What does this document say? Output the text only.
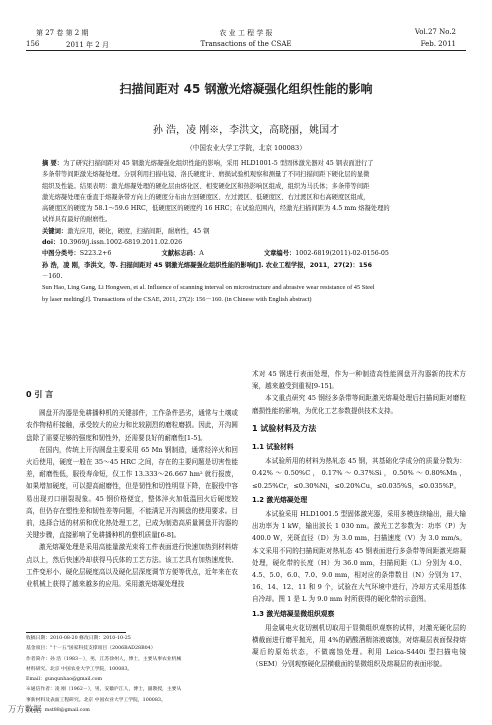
第 27 卷 第 2 期	农 业 工 程 学 报	Vol.27 No.2
156	2011 年 2 月	Transactions of the CSAE	Feb. 2011
扫描间距对 45 钢激光熔凝强化组织性能的影响
孙 浩，凌 刚※，李洪文，高晓丽，姚国才
（中国农业大学工学院，北京 100083）
摘 要：为了研究扫描间距对 45 钢激光熔凝强化组织性能的影响，采用 HLD1001-5 型固体激光器对 45 钢表面进行了
多条带等间距激光熔凝处理。分别利用扫描电镜、洛氏硬度计、磨损试验机观察和测量了不同扫描间距下硬化层的显微
组织及性能。结果表明：激光熔凝处理的硬化层由熔化区、相变硬化区和热影响区组成，组织为马氏体；多条带等间距
激光熔凝处理在垂直于熔凝条带方向上的硬度分布由左回硬度区、左过渡区、低硬度区、右过渡区和右高硬度区组成，
高硬度区的硬度为 58.1～59.6 HRC，低硬度区的硬度约 16 HRC；在试验范围内，经激光扫描间距为 4.5 mm 熔凝处理的
试样具有最好的耐磨性。
关键词：激光应用，硬化，硬度，扫描间距，耐磨性，45 钢
doi：10.3969/j.issn.1002-6819.2011.02.026
中图分类号：S223.2+6	文献标志码：A	文章编号：1002-6819(2011)-02-0156-05
孙 浩，凌 刚，李洪文，等. 扫描间距对 45 钢激光熔凝强化组织性能的影响[J]. 农业工程学报，2011，27(2)：156
－160.
Sun Hao, Ling Gang, Li Hongwen, et al. Influence of scanning interval on microstructure and abrasive wear resistance of 45 Steel
by laser melting[J]. Transactions of the CSAE, 2011, 27(2): 156－160. (in Chinese with English abstract)
0 引 言

圆盘开沟器是免耕播种机的关键部件，工作条件恶劣，通常与土壤或农作物秸秆接触，承受较大的应力和比较剧烈的磨粒磨损。因此，开沟圆盘除了需要足够的强度和韧性外，还需要良好的耐磨性[1-5]。

在国内，传统上开沟圆盘主要采用 65 Mn 钢制造，通常经淬火和回火后使用，硬度一般在 35～45 HRC 之间，存在的主要问题是切害性能差，耐磨性低，服役寿命短，仅工作 13.333～26.667 hm² 就行报废，如果增加硬度，可以提高耐磨性，但是韧性和切性明显下降，在服役中容易出现刃口崩裂现象。45 钢价格便宜，整体淬火加低温回火后硬度较高，但仍存在塑性差和韧性差等问题，不能满足开沟圆盘的使用要求。目前，选择合适的材质和优化热处理工艺，已成为制造高质量圆盘开沟器的关键步骤，直接影响了免耕播种机的整机质量[6-8]。

激光熔凝处理是采用高能量激光束将工件表面进行快速加热到材料熔点以上，然后快速冷却获得马氏体的工艺方法。该工艺具有加热速度快、工件变形小、硬化层硬度高以及硬化层深度调节方便等优点，近年来在农业机械上获得了越来越多的应用。采用激光熔凝处理技

术对 45 钢进行表面处理，作为一种制造高性能圆盘开沟器新的技术方案，越来越受到重视[9-15]。

本文重点研究 45 钢经多条带等间距激光熔凝处理后扫描间距对磨粒磨损性能的影响，为优化工艺参数提供技术支持。

1 试验材料及方法
1.1 试验材料

本试验所用的材料为热轧态 45 钢，其基础化学成分的质量分数为：0.42%～0.50%C，0.17%～0.37%Si，0.50%～0.80%Mn，≤0.25%Cr，≤0.30%Ni，≤0.20%Cu，≤0.035%S，≤0.035%P。

1.2 激光熔凝处理

本试验采用 HLD1001.5 型固体激光器，采用多模连续输出，最大输出功率为 1 kW，输出波长 1 030 nm。激光工艺参数为：功率（P）为 400.0 W，光斑直径（D）为 3.0 mm，扫描速度（V）为 3.0 mm/s。本文采用不同的扫描间距对热轧态 45 钢表面进行多条带等间距激光熔凝处理，硬化带的长度（H）为 36.0 mm，扫描间距（L）分别为 4.0、4.5、5.0、6.0、7.0、9.0 mm，相对应的条带数目（N）分别为 17、16、14、12、11 和 9 个，试验在大气环境中进行，冷却方式采用基体自冷却。图 1 是 L 为 9.0 mm 时所获得的硬化带的示意图。

1.3 激光熔凝显微组织观察

用金属电火花切割机切取用于显微组织观察的试样，对激光硬化层的横截面进行磨平抛光，用 4%的硝酸酒精溶液腐蚀，对熔凝层表面保持熔凝后的原始状态，不做腐蚀处理。利用 Leica-S440i 型扫描电镜（SEM）分别观察硬化层横截面的显微组织及熔凝层的表面形貌。

收稿日期：2010-08-20 修改日期：2010-10-25
基金项目："十一五"国家科技支撑项目（2006BAD28B04）
作者简介：孙 浩（1983－），男，江苏徐州人，博士，主要从事农业机械
材料研究。北京 中国农业大学工学院，100083。
Email：gunqunhao@gmail.com
※通信作者：凌 刚（1962－），男，安徽庐江人，博士，副教授，主要从
事新材料及表面工程研究。北京 中国农业大学工学院，100083。
Email：mst88@gmail.com
万方数据
